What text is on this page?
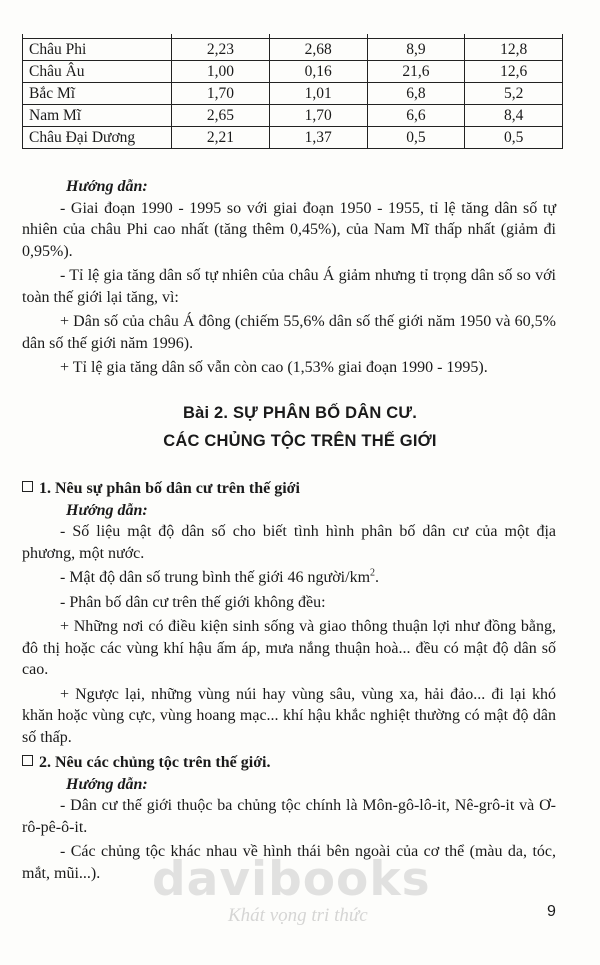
Châu Phi	2,23	2,68	8,9	12,8
Châu Âu	1,00	0,16	21,6	12,6
Bắc Mĩ	1,70	1,01	6,8	5,2
Nam Mĩ	2,65	1,70	6,6	8,4
Châu Đại Dương	2,21	1,37	0,5	0,5
Hướng dẫn:
- Giai đoạn 1990 - 1995 so với giai đoạn 1950 - 1955, tỉ lệ tăng dân số tự nhiên của châu Phi cao nhất (tăng thêm 0,45%), của Nam Mĩ thấp nhất (giảm đi 0,95%).
- Tỉ lệ gia tăng dân số tự nhiên của châu Á giảm nhưng tỉ trọng dân số so với toàn thế giới lại tăng, vì:
+ Dân số của châu Á đông (chiếm 55,6% dân số thế giới năm 1950 và 60,5% dân số thế giới năm 1996).
+ Tỉ lệ gia tăng dân số vẫn còn cao (1,53% giai đoạn 1990 - 1995).
Bài 2. SỰ PHÂN BỐ DÂN CƯ.
CÁC CHỦNG TỘC TRÊN THẾ GIỚI
1. Nêu sự phân bố dân cư trên thế giới
Hướng dẫn:
- Số liệu mật độ dân số cho biết tình hình phân bố dân cư của một địa phương, một nước.
- Mật độ dân số trung bình thế giới 46 người/$km^2$.
- Phân bố dân cư trên thế giới không đều:
+ Những nơi có điều kiện sinh sống và giao thông thuận lợi như đồng bằng, đô thị hoặc các vùng khí hậu ấm áp, mưa nắng thuận hoà... đều có mật độ dân số cao.
+ Ngược lại, những vùng núi hay vùng sâu, vùng xa, hải đảo... đi lại khó khăn hoặc vùng cực, vùng hoang mạc... khí hậu khắc nghiệt thường có mật độ dân số thấp.
2. Nêu các chủng tộc trên thế giới.
Hướng dẫn:
- Dân cư thế giới thuộc ba chủng tộc chính là Môn-gô-lô-it, Nê-grô-it và Ơ-rô-pê-ô-it.
- Các chủng tộc khác nhau về hình thái bên ngoài của cơ thể (màu da, tóc, mắt, mũi...).	davibooks
Khát vọng tri thức	9
